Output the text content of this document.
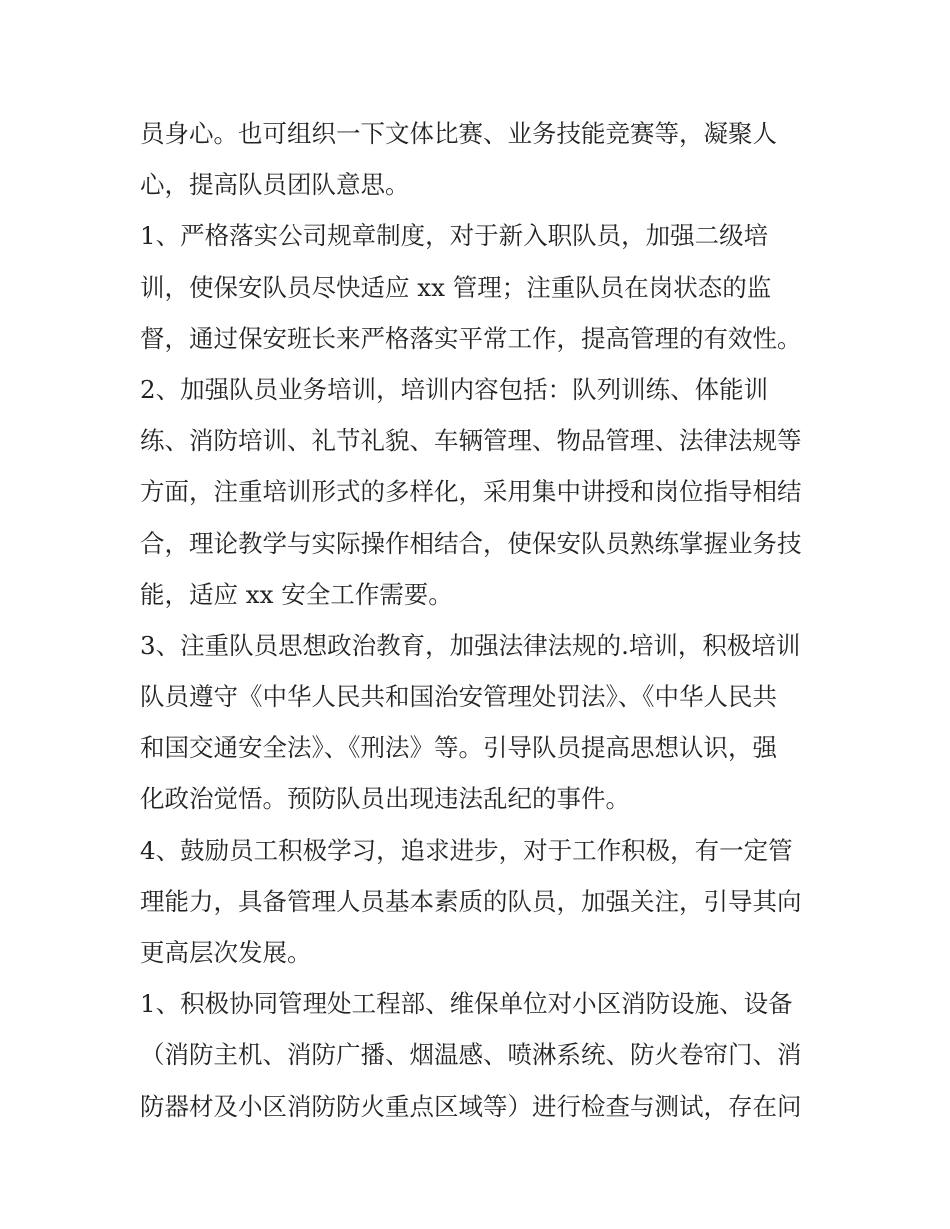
员身心。也可组织一下文体比赛、业务技能竞赛等，凝聚人
心，提高队员团队意思。
1、严格落实公司规章制度，对于新入职队员，加强二级培
训，使保安队员尽快适应 xx 管理；注重队员在岗状态的监
督，通过保安班长来严格落实平常工作，提高管理的有效性。
2、加强队员业务培训，培训内容包括：队列训练、体能训
练、消防培训、礼节礼貌、车辆管理、物品管理、法律法规等
方面，注重培训形式的多样化，采用集中讲授和岗位指导相结
合，理论教学与实际操作相结合，使保安队员熟练掌握业务技
能，适应 xx 安全工作需要。
3、注重队员思想政治教育，加强法律法规的.培训，积极培训
队员遵守《中华人民共和国治安管理处罚法》、《中华人民共
和国交通安全法》、《刑法》等。引导队员提高思想认识，强
化政治觉悟。预防队员出现违法乱纪的事件。
4、鼓励员工积极学习，追求进步，对于工作积极，有一定管
理能力，具备管理人员基本素质的队员，加强关注，引导其向
更高层次发展。
1、积极协同管理处工程部、维保单位对小区消防设施、设备
（消防主机、消防广播、烟温感、喷淋系统、防火卷帘门、消
防器材及小区消防防火重点区域等）进行检查与测试，存在问
